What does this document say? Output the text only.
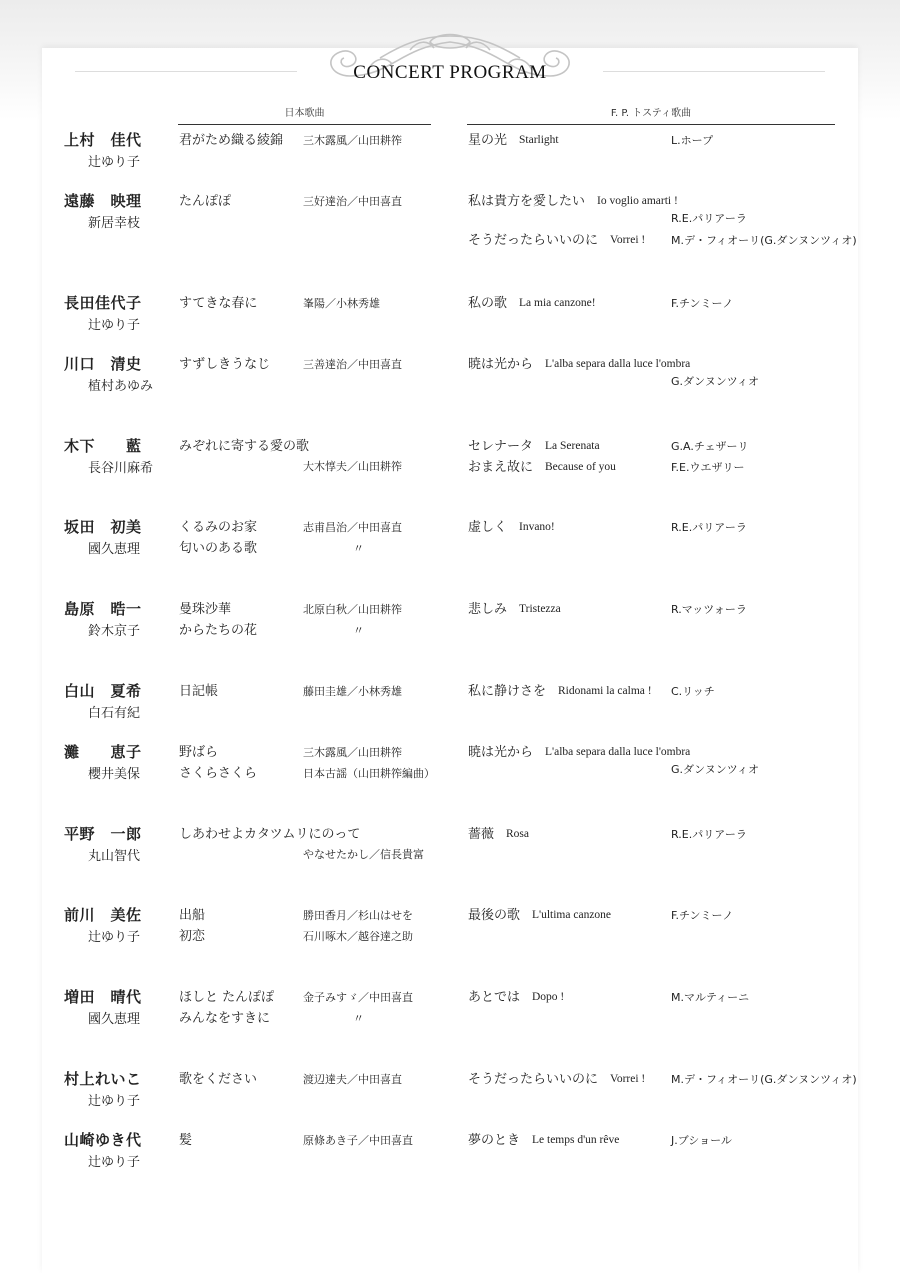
CONCERT PROGRAM
日本歌曲	F. P. トスティ歌曲
上村　佳代
辻ゆり子
君がため織る綾錦 三木露風／山田耕筰	星の光 Starlight	L.ホープ
遠藤　映理
新居幸枝
たんぽぽ	三好達治／中田喜直	私は貴方を愛したい Io voglio amarti !
R.E.パリアーラ
そうだったらいいのに Vorrei ! M.デ・フィオーリ(G.ダンヌンツィオ)
長田佳代子
辻ゆり子
すてきな春に	峯陽／小林秀雄	私の歌 La mia canzone!	F.チンミーノ
川口　清史
植村あゆみ
すずしきうなじ	三善達治／中田喜直	暁は光から L'alba separa dalla luce l'ombra
G.ダンヌンツィオ
木下　　藍
長谷川麻希
みぞれに寄する愛の歌
大木惇夫／山田耕筰
セレナータ La Serenata	G.A.チェザーリ
おまえ故に Because of you	F.E.ウエザリー
坂田　初美
國久恵理
くるみのお家	志甫昌治／中田喜直
匂いのある歌	〃
虚しく Invano!	R.E.パリアーラ
島原　晧一
鈴木京子
曼珠沙華	北原白秋／山田耕筰
からたちの花	〃
悲しみ Tristezza	R.マッツォーラ
白山　夏希
白石有紀
日記帳	藤田圭雄／小林秀雄	私に静けさを Ridonami la calma ! C.リッチ
灘　　恵子
櫻井美保
野ばら	三木露風／山田耕筰
さくらさくら	日本古謡（山田耕筰編曲）
暁は光から L'alba separa dalla luce l'ombra
G.ダンヌンツィオ
平野　一郎
丸山智代
しあわせよカタツムリにのって
やなせたかし／信長貴富
薔薇 Rosa	R.E.パリアーラ
前川　美佐
辻ゆり子
出船	勝田香月／杉山はせを
初恋	石川啄木／越谷達之助
最後の歌 L'ultima canzone	F.チンミーノ
増田　晴代
國久恵理
ほしと たんぽぽ	金子みすゞ／中田喜直
みんなをすきに	〃
あとでは Dopo !	M.マルティーニ
村上れいこ
辻ゆり子
歌をください	渡辺達夫／中田喜直	そうだったらいいのに Vorrei ! M.デ・フィオーリ(G.ダンヌンツィオ)
山崎ゆき代
辻ゆり子
髪	原條あき子／中田喜直	夢のとき Le temps d'un rêve	J.ブショール
